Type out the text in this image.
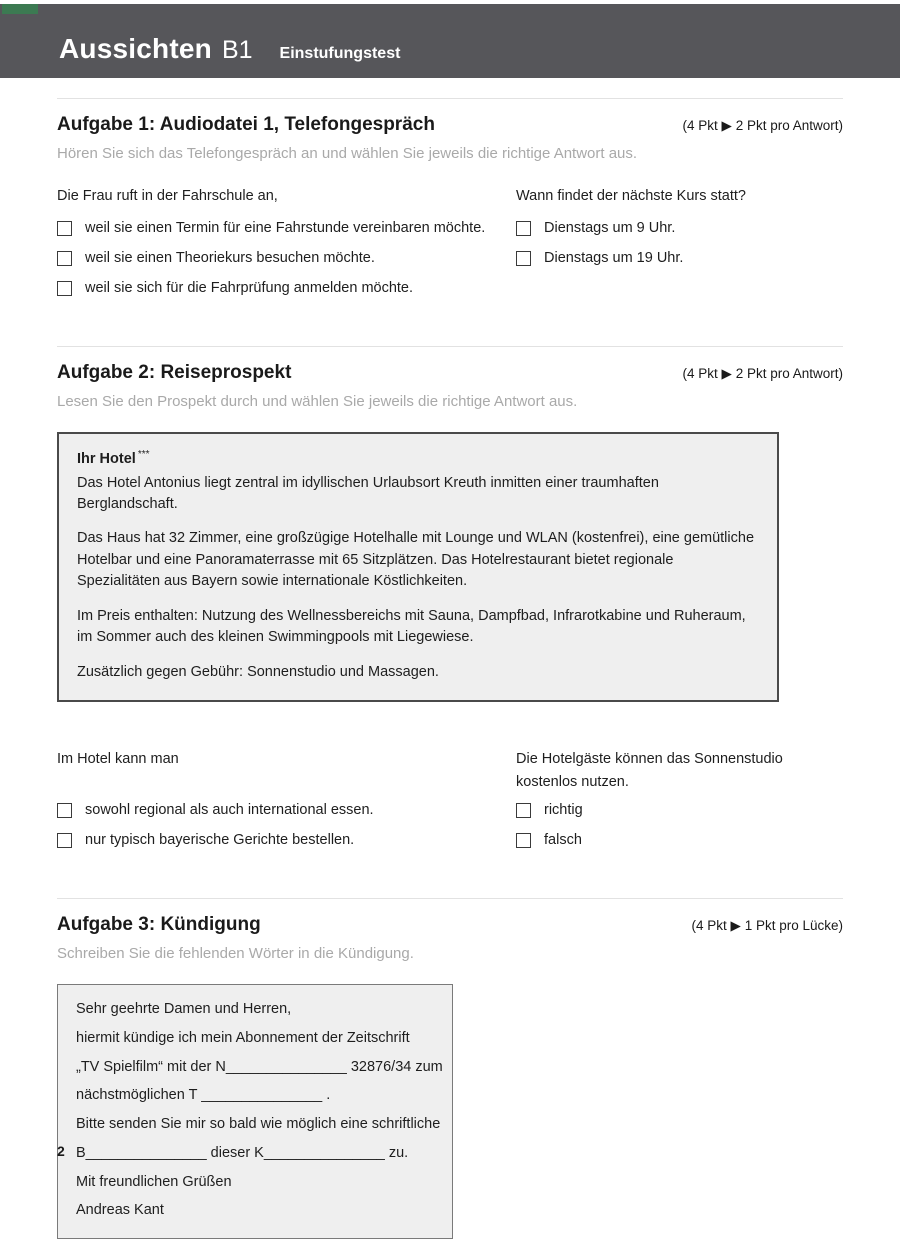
Aussichten B1 Einstufungstest
Aufgabe 1: Audiodatei 1, Telefongespräch	(4 Pkt ▶ 2 Pkt pro Antwort)

Hören Sie sich das Telefongespräch an und wählen Sie jeweils die richtige Antwort aus.

Die Frau ruft in der Fahrschule an,

weil sie einen Termin für eine Fahrstunde vereinbaren möchte.
weil sie einen Theoriekurs besuchen möchte.
weil sie sich für die Fahrprüfung anmelden möchte.

Wann findet der nächste Kurs statt?

Dienstags um 9 Uhr.
Dienstags um 19 Uhr.
Aufgabe 2: Reiseprospekt	(4 Pkt ▶ 2 Pkt pro Antwort)

Lesen Sie den Prospekt durch und wählen Sie jeweils die richtige Antwort aus.

Ihr Hotel ***

Das Hotel Antonius liegt zentral im idyllischen Urlaubsort Kreuth inmitten einer traumhaften Berglandschaft.

Das Haus hat 32 Zimmer, eine großzügige Hotelhalle mit Lounge und WLAN (kostenfrei), eine gemütliche Hotelbar und eine Panoramaterrasse mit 65 Sitzplätzen. Das Hotelrestaurant bietet regionale Spezialitäten aus Bayern sowie internationale Köstlichkeiten.

Im Preis enthalten: Nutzung des Wellnessbereichs mit Sauna, Dampfbad, Infrarotkabine und Ruheraum, im Sommer auch des kleinen Swimmingpools mit Liegewiese.

Zusätzlich gegen Gebühr: Sonnenstudio und Massagen.

Im Hotel kann man

sowohl regional als auch international essen.
nur typisch bayerische Gerichte bestellen.

Die Hotelgäste können das Sonnenstudio kostenlos nutzen.

richtig
falsch
Aufgabe 3: Kündigung	(4 Pkt ▶ 1 Pkt pro Lücke)

Schreiben Sie die fehlenden Wörter in die Kündigung.

Sehr geehrte Damen und Herren,

hiermit kündige ich mein Abonnement der Zeitschrift

„TV Spielfilm“ mit der N_______________ 32876/34 zum

nächstmöglichen T _______________ .

Bitte senden Sie mir so bald wie möglich eine schriftliche

B_______________ dieser K_______________ zu.

Mit freundlichen Grüßen

Andreas Kant

2
